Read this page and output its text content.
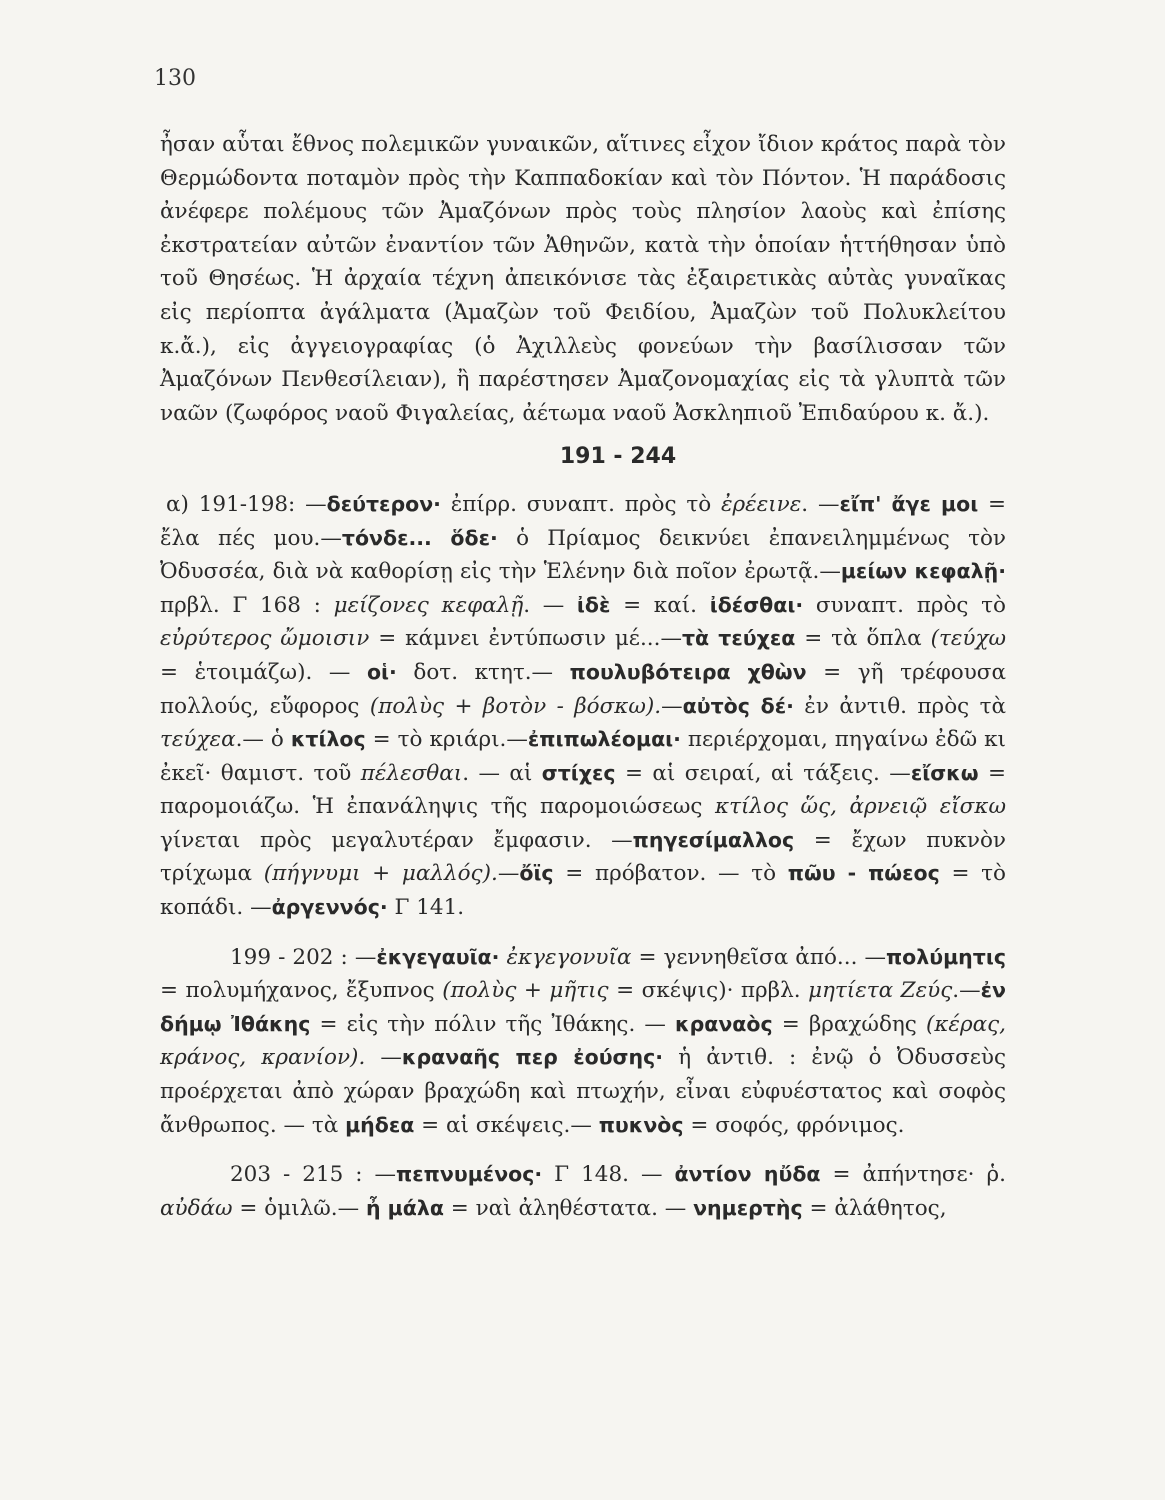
130

ἦσαν αὗται ἔθνος πολεμικῶν γυναικῶν, αἵτινες εἶχον ἴδιον κράτος παρὰ τὸν Θερμώδοντα ποταμὸν πρὸς τὴν Καππαδοκίαν καὶ τὸν Πόντον. Ἡ παράδοσις ἀνέφερε πολέμους τῶν Ἀμαζόνων πρὸς τοὺς πλησίον λαοὺς καὶ ἐπίσης ἐκστρατείαν αὐτῶν ἐναντίον τῶν Ἀθηνῶν, κατὰ τὴν ὁποίαν ἡττήθησαν ὑπὸ τοῦ Θησέως. Ἡ ἀρχαία τέχνη ἀπεικόνισε τὰς ἐξαιρετικὰς αὐτὰς γυναῖκας εἰς περίοπτα ἀγάλματα (Ἀμαζὼν τοῦ Φειδίου, Ἀμαζὼν τοῦ Πολυκλείτου κ.ἄ.), εἰς ἀγγειογραφίας (ὁ Ἀχιλλεὺς φονεύων τὴν βασίλισσαν τῶν Ἀμαζόνων Πενθεσίλειαν), ἢ παρέστησεν Ἀμαζονομαχίας εἰς τὰ γλυπτὰ τῶν ναῶν (ζωφόρος ναοῦ Φιγαλείας, ἀέτωμα ναοῦ Ἀσκληπιοῦ Ἐπιδαύρου κ. ἄ.).

191 - 244

α) 191-198: —δεύτερον· ἐπίρρ. συναπτ. πρὸς τὸ ἐρέεινε. —εἴπ' ἄγε μοι = ἔλα πές μου.—τόνδε... ὅδε· ὁ Πρίαμος δεικνύει ἐπανειλημμένως τὸν Ὀδυσσέα, διὰ νὰ καθορίσῃ εἰς τὴν Ἑλένην διὰ ποῖον ἐρωτᾷ.—μείων κεφαλῇ· πρβλ. Γ 168 : μείζονες κεφαλῇ. — ἰδὲ = καί. ἰδέσθαι· συναπτ. πρὸς τὸ εὐρύτερος ὤμοισιν = κάμνει ἐντύπωσιν μέ...—τὰ τεύχεα = τὰ ὅπλα (τεύχω = ἑτοιμάζω). — οἱ· δοτ. κτητ.— πουλυβότειρα χθὼν = γῆ τρέφουσα πολλούς, εὔφορος (πολὺς + βοτὸν - βόσκω).—αὐτὸς δέ· ἐν ἀντιθ. πρὸς τὰ τεύχεα.— ὁ κτίλος = τὸ κριάρι.—ἐπιπωλέομαι· περιέρχομαι, πηγαίνω ἐδῶ κι ἐκεῖ· θαμιστ. τοῦ πέλεσθαι. — αἱ στίχες = αἱ σειραί, αἱ τάξεις. —εἴσκω = παρομοιάζω. Ἡ ἐπανάληψις τῆς παρομοιώσεως κτίλος ὥς, ἀρνειῷ εἴσκω γίνεται πρὸς μεγαλυτέραν ἔμφασιν. —πηγεσίμαλλος = ἔχων πυκνὸν τρίχωμα (πήγνυμι + μαλλός).—ὄϊς = πρόβατον. — τὸ πῶυ - πώεος = τὸ κοπάδι. —ἀργεννός· Γ 141.

199 - 202 : —ἐκγεγαυῖα· ἐκγεγονυῖα = γεννηθεῖσα ἀπό... —πολύμητις = πολυμήχανος, ἔξυπνος (πολὺς + μῆτις = σκέψις)· πρβλ. μητίετα Ζεύς.—ἐν δήμῳ Ἰθάκης = εἰς τὴν πόλιν τῆς Ἰθάκης. — κραναὸς = βραχώδης (κέρας, κράνος, κρανίον). —κραναῆς περ ἐούσης· ἡ ἀντιθ. : ἐνῷ ὁ Ὀδυσσεὺς προέρχεται ἀπὸ χώραν βραχώδη καὶ πτωχήν, εἶναι εὐφυέστατος καὶ σοφὸς ἄνθρωπος. — τὰ μήδεα = αἱ σκέψεις.— πυκνὸς = σοφός, φρόνιμος.

203 - 215 : —πεπνυμένος· Γ 148. — ἀντίον ηὔδα = ἀπήντησε· ῥ. αὐδάω = ὁμιλῶ.— ἦ μάλα = ναὶ ἀληθέστατα. — νημερτὴς = ἀλάθητος,
